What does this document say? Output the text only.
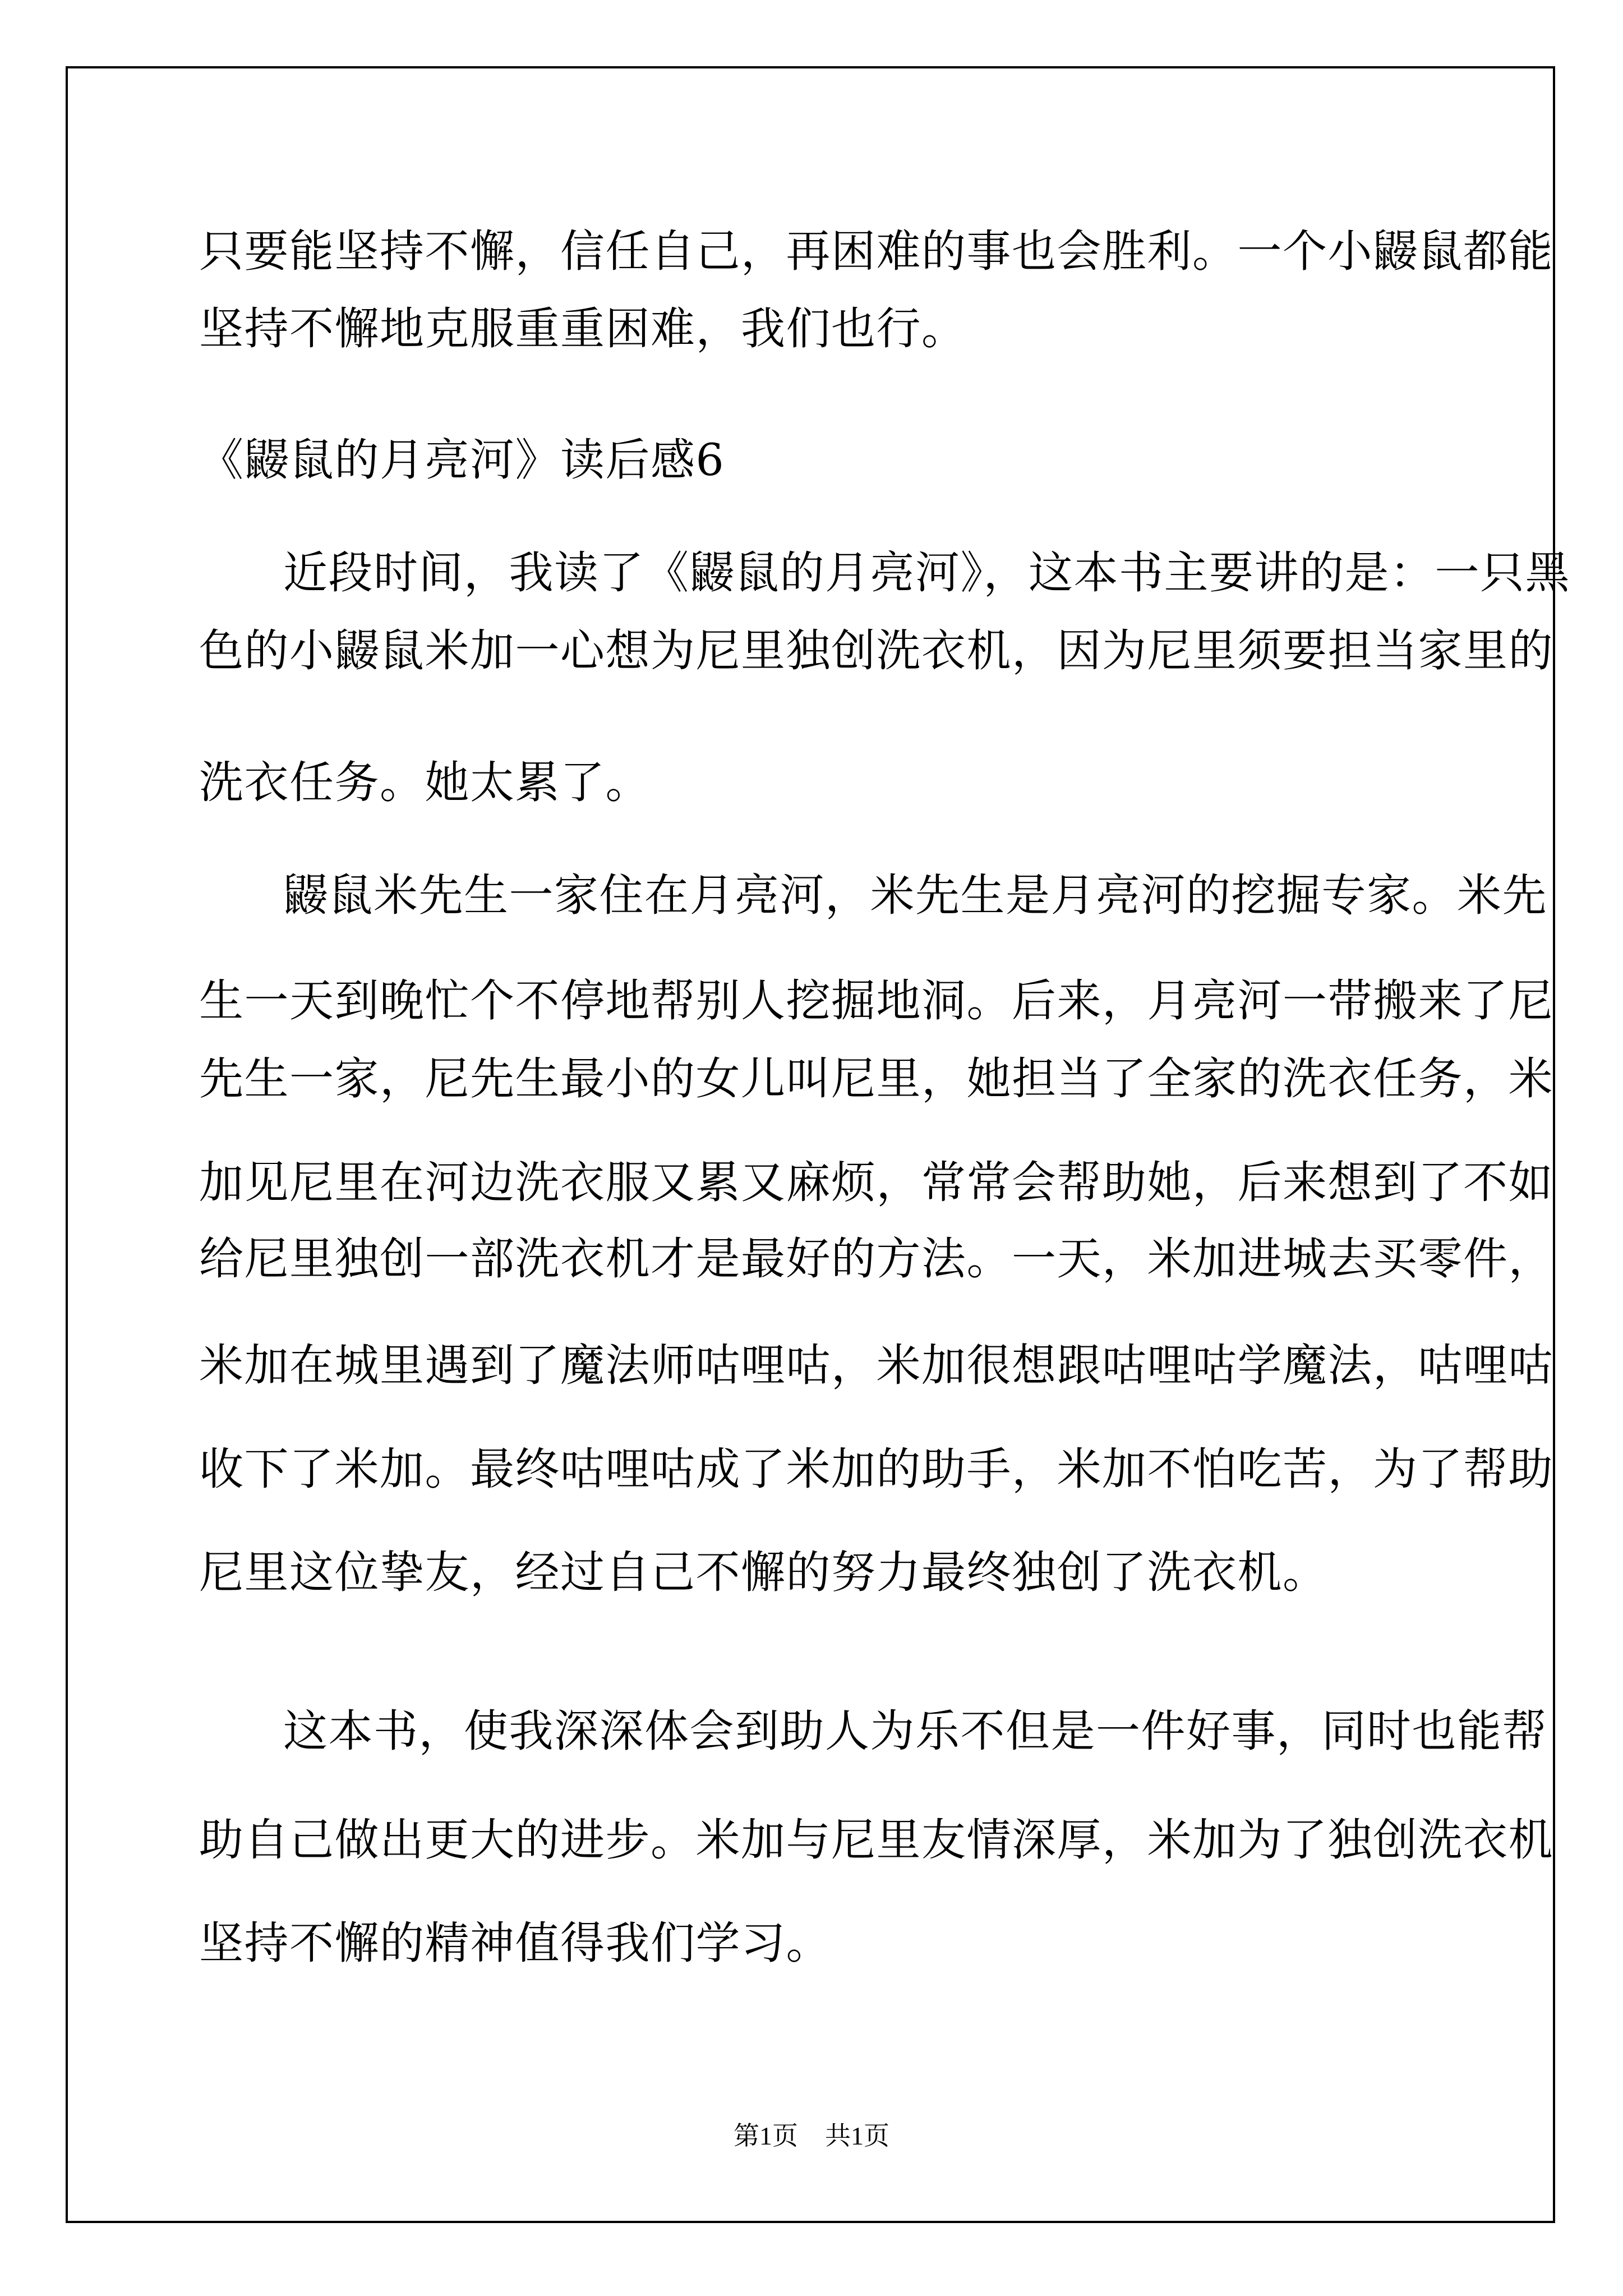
只要能坚持不懈，信任自己，再困难的事也会胜利。一个小鼹鼠都能
坚持不懈地克服重重困难，我们也行。
《鼹鼠的月亮河》读后感6
近段时间，我读了《鼹鼠的月亮河》，这本书主要讲的是：一只黑
色的小鼹鼠米加一心想为尼里独创洗衣机，因为尼里须要担当家里的
洗衣任务。她太累了。
鼹鼠米先生一家住在月亮河，米先生是月亮河的挖掘专家。米先
生一天到晚忙个不停地帮别人挖掘地洞。后来，月亮河一带搬来了尼
先生一家，尼先生最小的女儿叫尼里，她担当了全家的洗衣任务，米
加见尼里在河边洗衣服又累又麻烦，常常会帮助她，后来想到了不如
给尼里独创一部洗衣机才是最好的方法。一天，米加进城去买零件，
米加在城里遇到了魔法师咕哩咕，米加很想跟咕哩咕学魔法，咕哩咕
收下了米加。最终咕哩咕成了米加的助手，米加不怕吃苦，为了帮助
尼里这位挚友，经过自己不懈的努力最终独创了洗衣机。
这本书，使我深深体会到助人为乐不但是一件好事，同时也能帮
助自己做出更大的进步。米加与尼里友情深厚，米加为了独创洗衣机
坚持不懈的精神值得我们学习。
第1页 共1页
